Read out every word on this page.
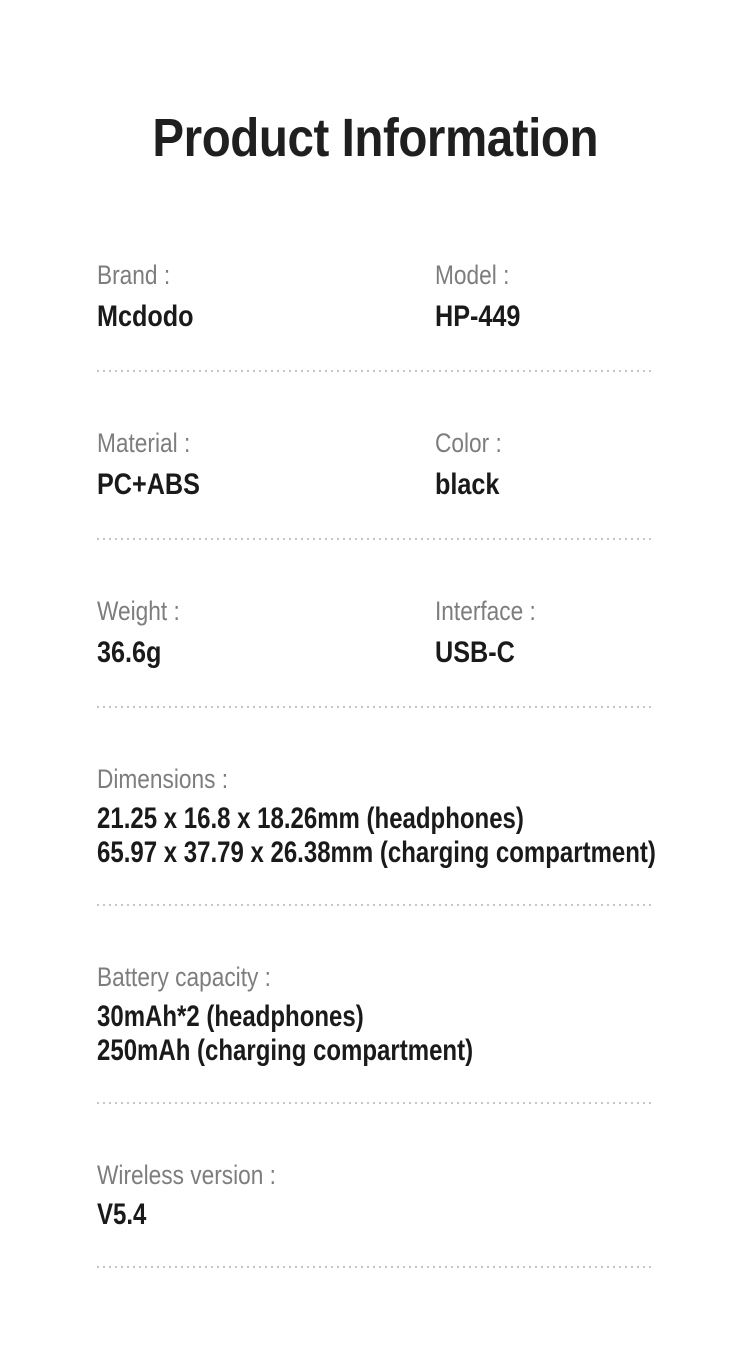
Product Information
Brand :
Mcdodo
Model :
HP-449
Material :
PC+ABS
Color :
black
Weight :
36.6g
Interface :
USB-C
Dimensions :
21.25 x 16.8 x 18.26mm (headphones)
65.97 x 37.79 x 26.38mm (charging compartment)
Battery capacity :
30mAh*2 (headphones)
250mAh (charging compartment)
Wireless version :
V5.4
